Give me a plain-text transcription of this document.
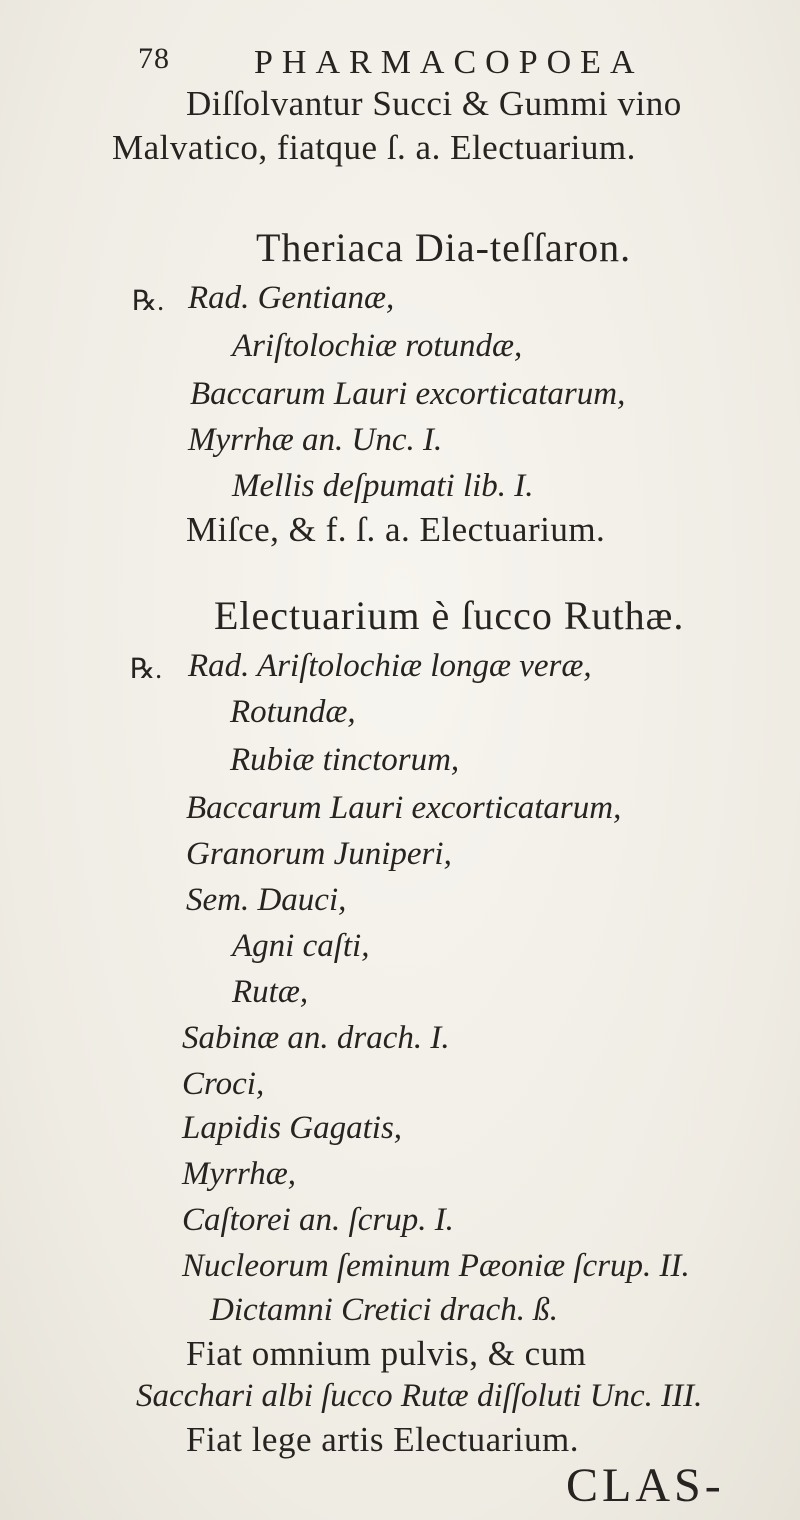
78 PHARMACOPOEA
Diſſolvantur Succi & Gummi vino
Malvatico, fiatque ſ. a. Electuarium.
Theriaca Dia-teſſaron.
℞. Rad. Gentianæ,
Ariſtolochiæ rotundæ,
Baccarum Lauri excorticatarum,
Myrrhæ an. Unc. I.
Mellis deſpumati lib. I.
Miſce, & f. ſ. a. Electuarium.
Electuarium è ſucco Ruthæ.
℞. Rad. Ariſtolochiæ longæ veræ,
Rotundæ,
Rubiæ tinctorum,
Baccarum Lauri excorticatarum,
Granorum Juniperi,
Sem. Dauci,
Agni caſti,
Rutæ,
Sabinæ an. drach. I.
Croci,
Lapidis Gagatis,
Myrrhæ,
Caſtorei an. ſcrup. I.
Nucleorum ſeminum Pæoniæ ſcrup. II.
Dictamni Cretici drach. ß.
Fiat omnium pulvis, & cum
Sacchari albi ſucco Rutæ diſſoluti Unc. III.
Fiat lege artis Electuarium.
CLAS-
